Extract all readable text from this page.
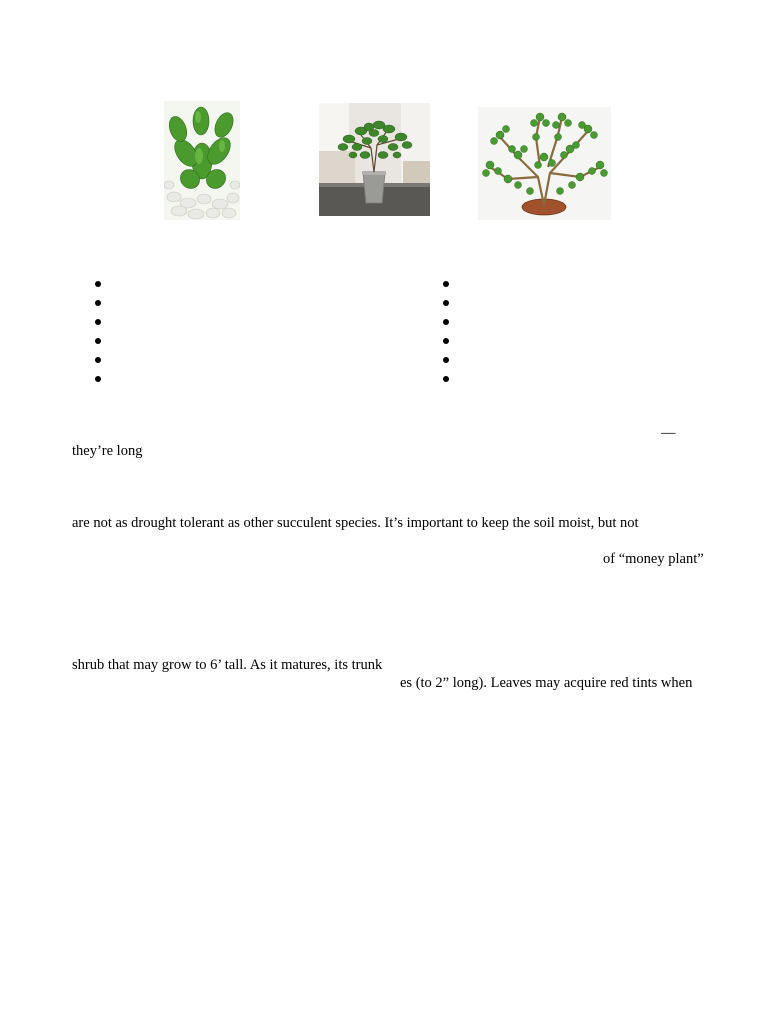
—
they’re long
are not as drought tolerant as other succulent species. It’s important to keep the soil moist, but not
of “money plant”
shrub that may grow to 6’ tall. As it matures, its trunk
es (to 2” long). Leaves may acquire red tints when
